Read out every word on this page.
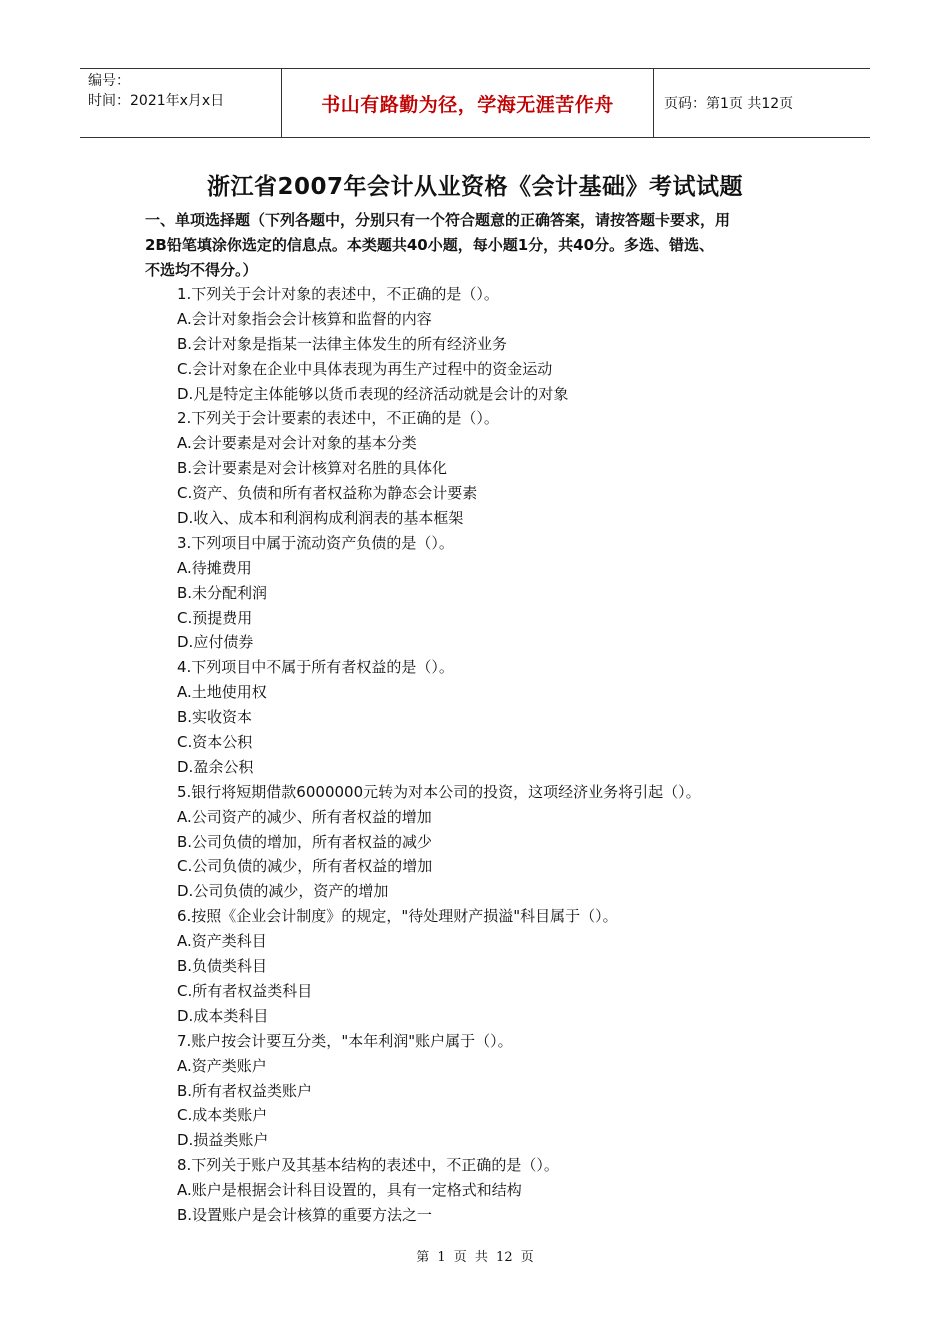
编号：
时间：2021年x月x日	书山有路勤为径，学海无涯苦作舟	页码：第1页 共12页
浙江省2007年会计从业资格《会计基础》考试试题
一、单项选择题（下列各题中，分别只有一个符合题意的正确答案，请按答题卡要求，用
2B铅笔填涂你选定的信息点。本类题共40小题，每小题1分，共40分。多选、错选、
不选均不得分。）
1.下列关于会计对象的表述中，不正确的是（）。
A.会计对象指会会计核算和监督的内容
B.会计对象是指某一法律主体发生的所有经济业务
C.会计对象在企业中具体表现为再生产过程中的资金运动
D.凡是特定主体能够以货币表现的经济活动就是会计的对象
2.下列关于会计要素的表述中，不正确的是（）。
A.会计要素是对会计对象的基本分类
B.会计要素是对会计核算对名胜的具体化
C.资产、负债和所有者权益称为静态会计要素
D.收入、成本和利润构成利润表的基本框架
3.下列项目中属于流动资产负债的是（）。
A.待摊费用
B.未分配利润
C.预提费用
D.应付债券
4.下列项目中不属于所有者权益的是（）。
A.土地使用权
B.实收资本
C.资本公积
D.盈余公积
5.银行将短期借款6000000元转为对本公司的投资，这项经济业务将引起（）。
A.公司资产的减少、所有者权益的增加
B.公司负债的增加，所有者权益的减少
C.公司负债的减少，所有者权益的增加
D.公司负债的减少，资产的增加
6.按照《企业会计制度》的规定，"待处理财产损溢"科目属于（）。
A.资产类科目
B.负债类科目
C.所有者权益类科目
D.成本类科目
7.账户按会计要互分类，"本年利润"账户属于（）。
A.资产类账户
B.所有者权益类账户
C.成本类账户
D.损益类账户
8.下列关于账户及其基本结构的表述中，不正确的是（）。
A.账户是根据会计科目设置的，具有一定格式和结构
B.设置账户是会计核算的重要方法之一
第 1 页 共 12 页
